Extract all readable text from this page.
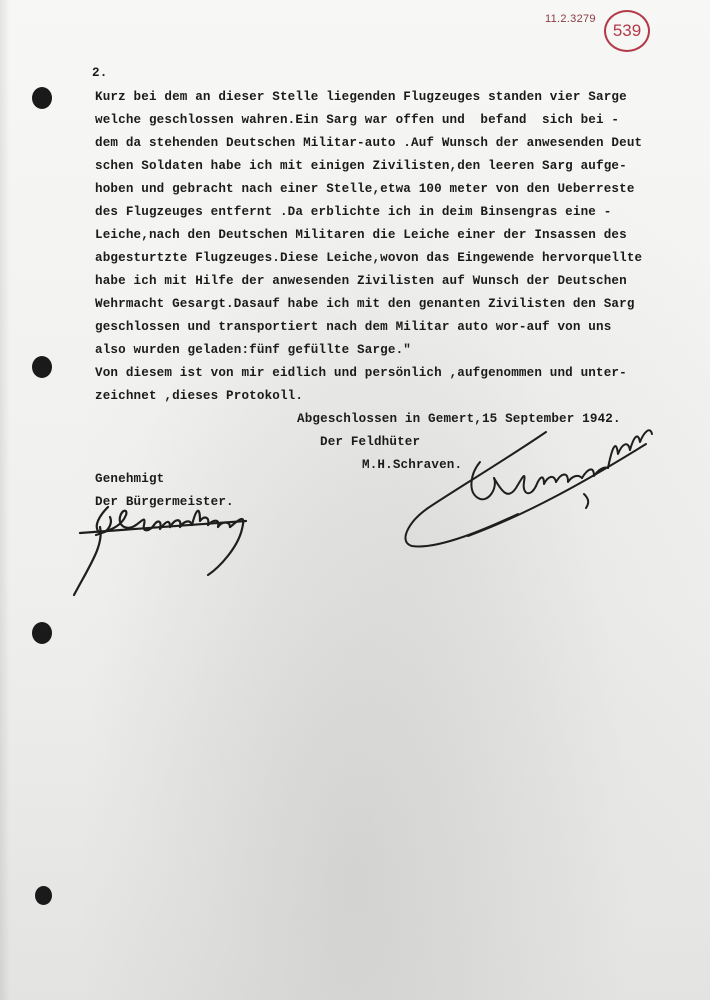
11.2.3279
539
2.
Kurz bei dem an dieser Stelle liegenden Flugzeuges standen vier Sarge
welche geschlossen wahren.Ein Sarg war offen und  befand  sich bei -
dem da stehenden Deutschen Militar-auto .Auf Wunsch der anwesenden Deut
schen Soldaten habe ich mit einigen Zivilisten,den leeren Sarg aufge-
hoben und gebracht nach einer Stelle,etwa 100 meter von den Ueberreste
des Flugzeuges entfernt .Da erblichte ich in deim Binsengras eine -
Leiche,nach den Deutschen Militaren die Leiche einer der Insassen des
abgesturtzte Flugzeuges.Diese Leiche,wovon das Eingewende hervorquellte
habe ich mit Hilfe der anwesenden Zivilisten auf Wunsch der Deutschen
Wehrmacht Gesargt.Dasauf habe ich mit den genanten Zivilisten den Sarg
geschlossen und transportiert nach dem Militar auto wor-auf von uns
also wurden geladen:fünf gefüllte Sarge."
Von diesem ist von mir eidlich und persönlich ,aufgenommen und unter-
zeichnet ,dieses Protokoll.
Abgeschlossen in Gemert,15 September 1942.
Der Feldhüter
M.H.Schraven.
Genehmigt
Der Bürgermeister.
